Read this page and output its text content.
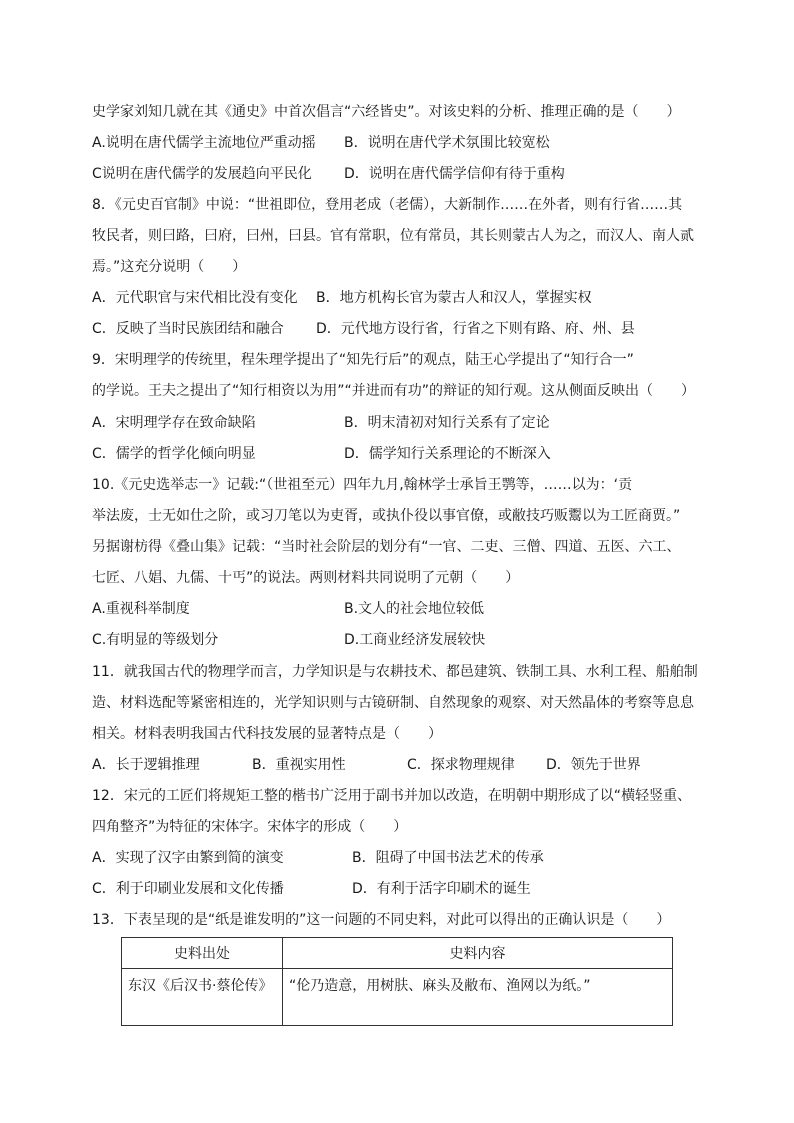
史学家刘知几就在其《通史》中首次倡言“六经皆史”。对该史料的分析、推理正确的是（　　）
A.说明在唐代儒学主流地位严重动摇 B．说明在唐代学术氛围比较宽松
C说明在唐代儒学的发展趋向平民化 D．说明在唐代儒学信仰有待于重构
8．《元史百官制》中说：“世祖即位，登用老成（老儒），大新制作……在外者，则有行省……其
牧民者，则曰路，曰府，曰州，曰县。官有常职，位有常员，其长则蒙古人为之，而汉人、南人贰
焉。”这充分说明（　　）
A．元代职官与宋代相比没有变化 B．地方机构长官为蒙古人和汉人，掌握实权
C．反映了当时民族团结和融合 D．元代地方设行省，行省之下则有路、府、州、县
9．宋明理学的传统里，程朱理学提出了“知先行后”的观点，陆王心学提出了“知行合一”
的学说。王夫之提出了“知行相资以为用”“并进而有功”的辩证的知行观。这从侧面反映出（　　）
A．宋明理学存在致命缺陷	B．明末清初对知行关系有了定论
C．儒学的哲学化倾向明显	D．儒学知行关系理论的不断深入
10.《元史选举志一》记载:“（世祖至元）四年九月,翰林学士承旨王鹗等，……以为：‘贡
举法废，士无如仕之阶，或习刀笔以为吏胥，或执仆役以事官僚，或敝技巧贩鬻以为工匠商贾。”
另据谢枋得《叠山集》记载：“当时社会阶层的划分有“一官、二吏、三僧、四道、五医、六工、
七匠、八娼、九儒、十丐”的说法。两则材料共同说明了元朝（　　）
A.重视科举制度	B.文人的社会地位较低
C.有明显的等级划分	D.工商业经济发展较快
11．就我国古代的物理学而言，力学知识是与农耕技术、都邑建筑、铁制工具、水利工程、船舶制
造、材料选配等紧密相连的，光学知识则与古镜研制、自然现象的观察、对天然晶体的考察等息息
相关。材料表明我国古代科技发展的显著特点是（　　）
A．长于逻辑推理	B．重视实用性	C．探求物理规律 D．领先于世界
12．宋元的工匠们将规矩工整的楷书广泛用于副书并加以改造，在明朝中期形成了以“横轻竖重、
四角整齐”为特征的宋体字。宋体字的形成（　　）
A．实现了汉字由繁到简的演变	B．阻碍了中国书法艺术的传承
C．利于印刷业发展和文化传播	D．有利于活字印刷术的诞生
13．下表呈现的是“纸是谁发明的”这一问题的不同史料，对此可以得出的正确认识是（　　）
史料出处	史料内容
东汉《后汉书·蔡伦传》	“伦乃造意，用树肤、麻头及敝布、渔网以为纸。”
